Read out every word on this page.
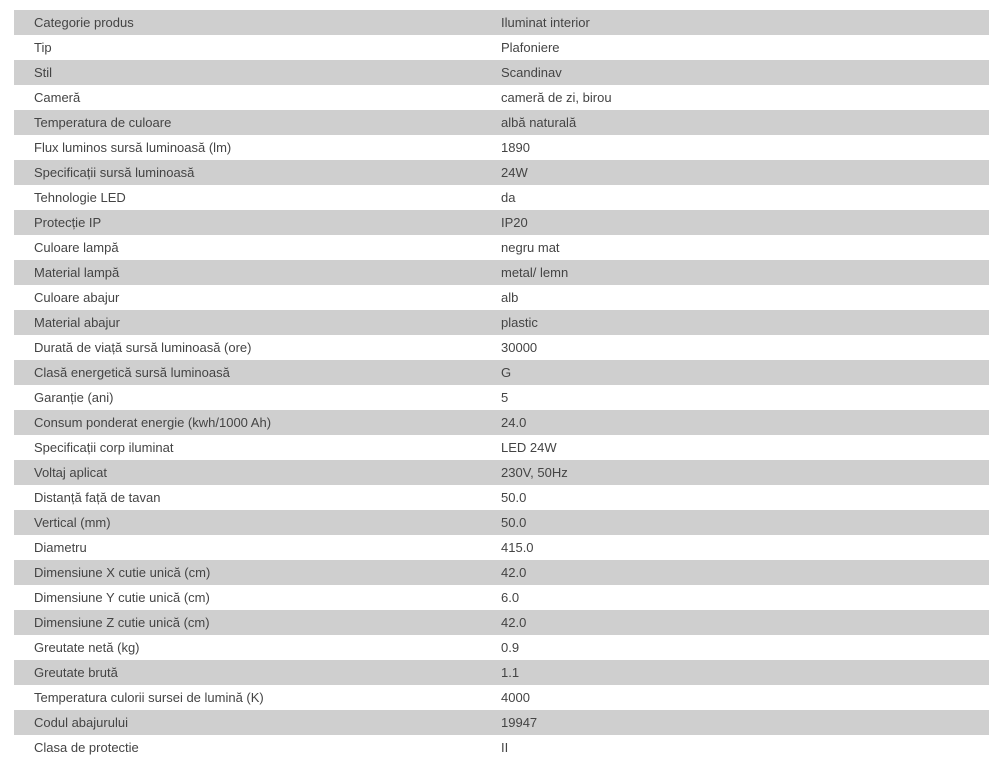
Categorie produs	Iluminat interior
Tip	Plafoniere
Stil	Scandinav
Cameră	cameră de zi, birou
Temperatura de culoare	albă naturală
Flux luminos sursă luminoasă (lm)	1890
Specificații sursă luminoasă	24W
Tehnologie LED	da
Protecție IP	IP20
Culoare lampă	negru mat
Material lampă	metal/ lemn
Culoare abajur	alb
Material abajur	plastic
Durată de viață sursă luminoasă (ore)	30000
Clasă energetică sursă luminoasă	G
Garanție (ani)	5
Consum ponderat energie (kwh/1000 Ah)	24.0
Specificații corp iluminat	LED 24W
Voltaj aplicat	230V, 50Hz
Distanță față de tavan	50.0
Vertical (mm)	50.0
Diametru	415.0
Dimensiune X cutie unică (cm)	42.0
Dimensiune Y cutie unică (cm)	6.0
Dimensiune Z cutie unică (cm)	42.0
Greutate netă (kg)	0.9
Greutate brută	1.1
Temperatura culorii sursei de lumină (K)	4000
Codul abajurului	19947
Clasa de protectie	II
